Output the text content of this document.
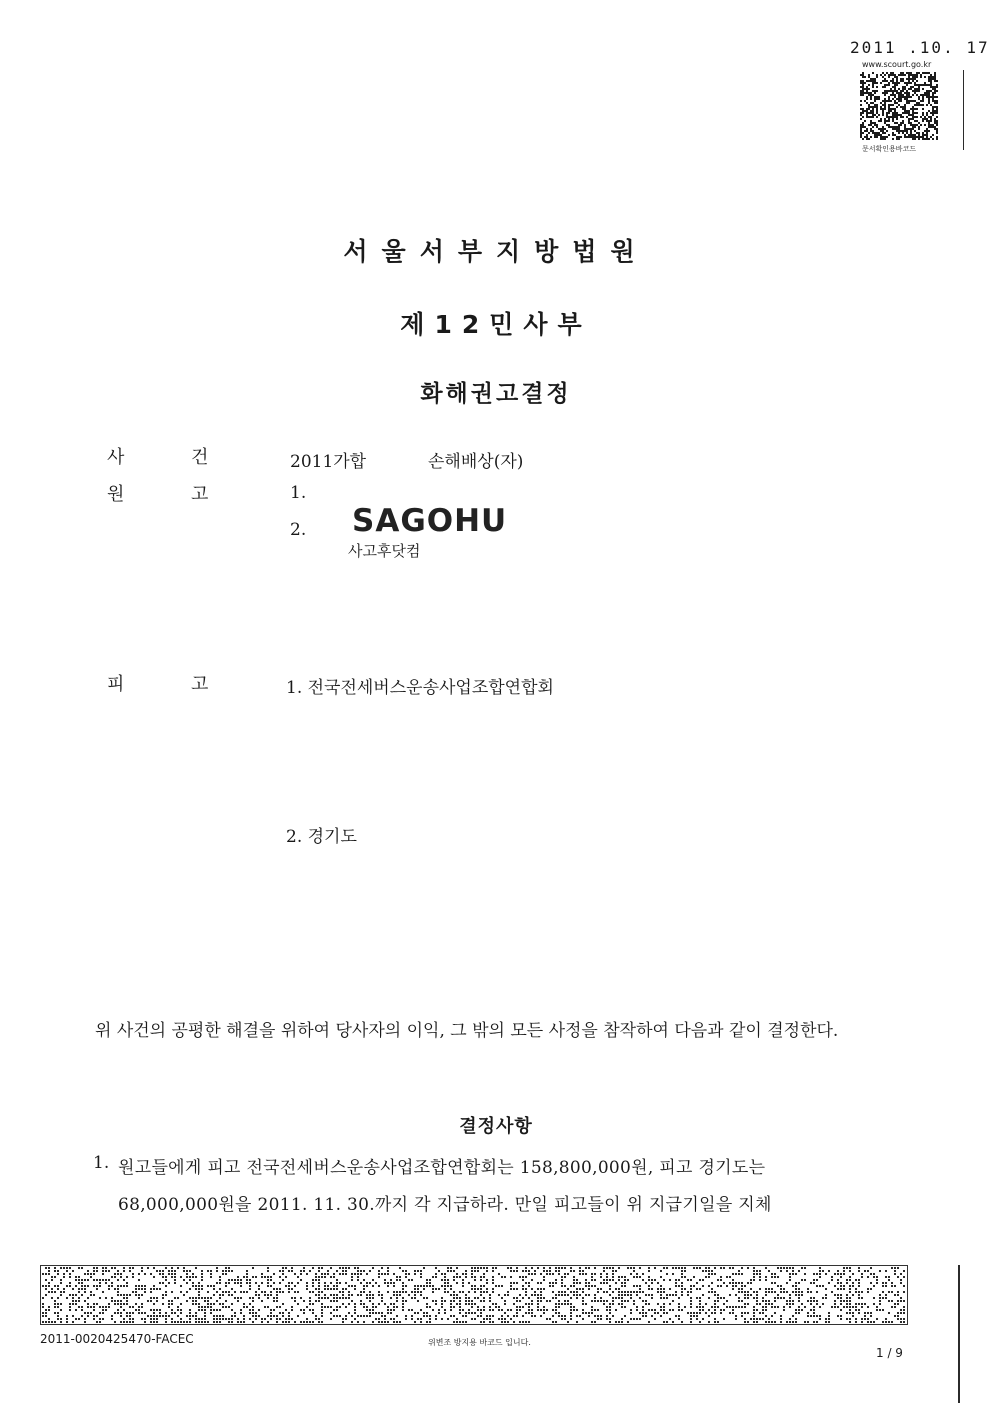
2011 .10. 17
www.scourt.go.kr
문서확인용바코드
서울서부지방법원
제12민사부
화해권고결정
사	건	2011가합	손해배상(자)
원	고	1.
2. SAGOHU
사고후닷컴
피	고	1. 전국전세버스운송사업조합연합회
2. 경기도
위 사건의 공평한 해결을 위하여 당사자의 이익, 그 밖의 모든 사정을 참작하여 다음과 같이 결정한다.
결정사항
1. 원고들에게 피고 전국전세버스운송사업조합연합회는 158,800,000원, 피고 경기도는
68,000,000원을 2011. 11. 30.까지 각 지급하라. 만일 피고들이 위 지급기일을 지체
2011-0020425470-FACEC	위변조 방지용 바코드 입니다.
1 / 9
